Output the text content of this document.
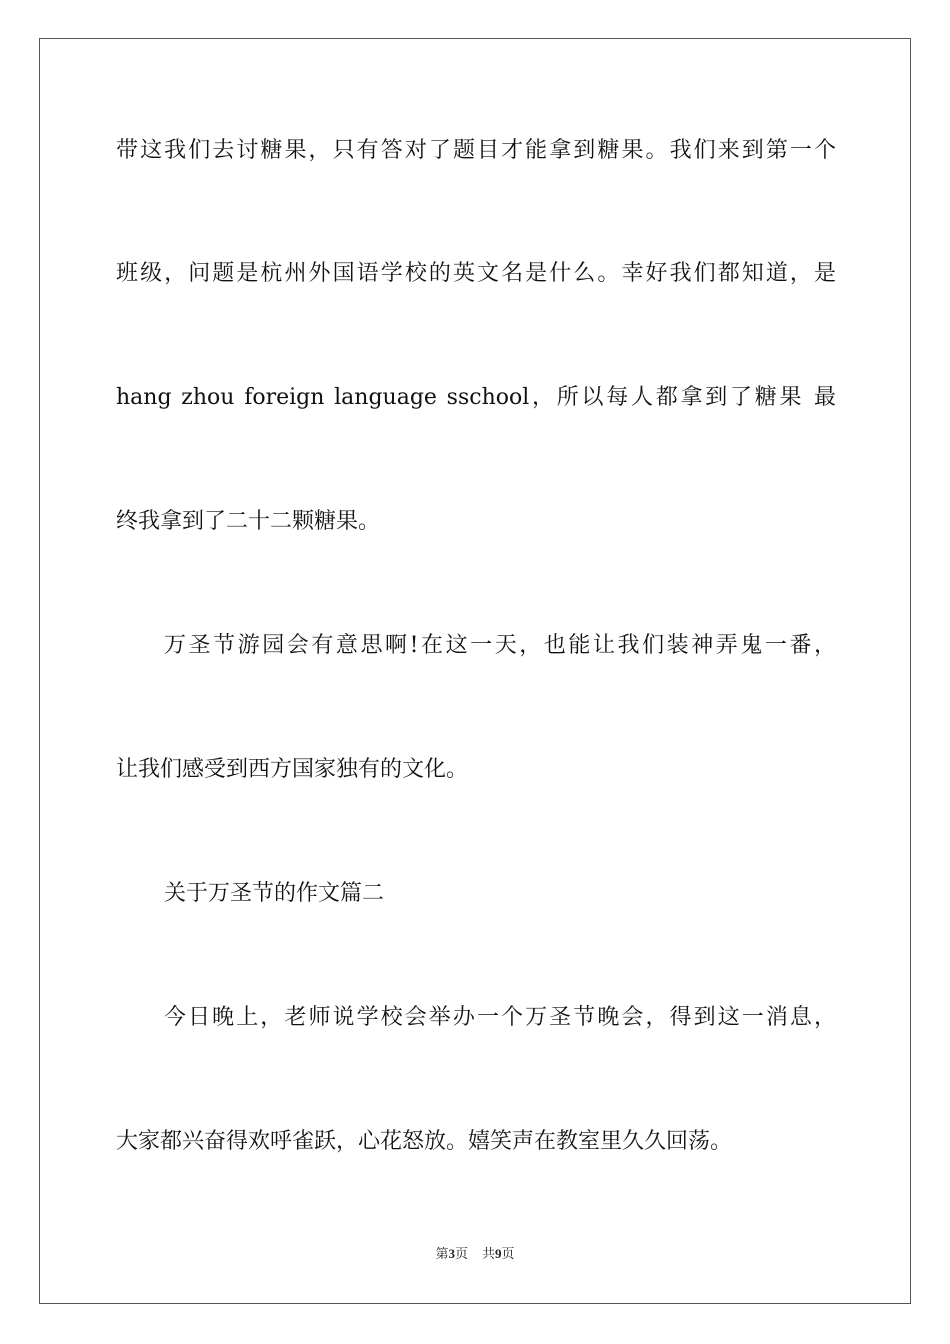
带这我们去讨糖果，只有答对了题目才能拿到糖果。我们来到第一个
班级，问题是杭州外国语学校的英文名是什么。幸好我们都知道，是
hang zhou foreign language sschool，所以每人都拿到了糖果 最
终我拿到了二十二颗糖果。
万圣节游园会有意思啊!在这一天，也能让我们装神弄鬼一番，
让我们感受到西方国家独有的文化。
关于万圣节的作文篇二
今日晚上，老师说学校会举办一个万圣节晚会，得到这一消息，
大家都兴奋得欢呼雀跃，心花怒放。嬉笑声在教室里久久回荡。
第3页 共9页
